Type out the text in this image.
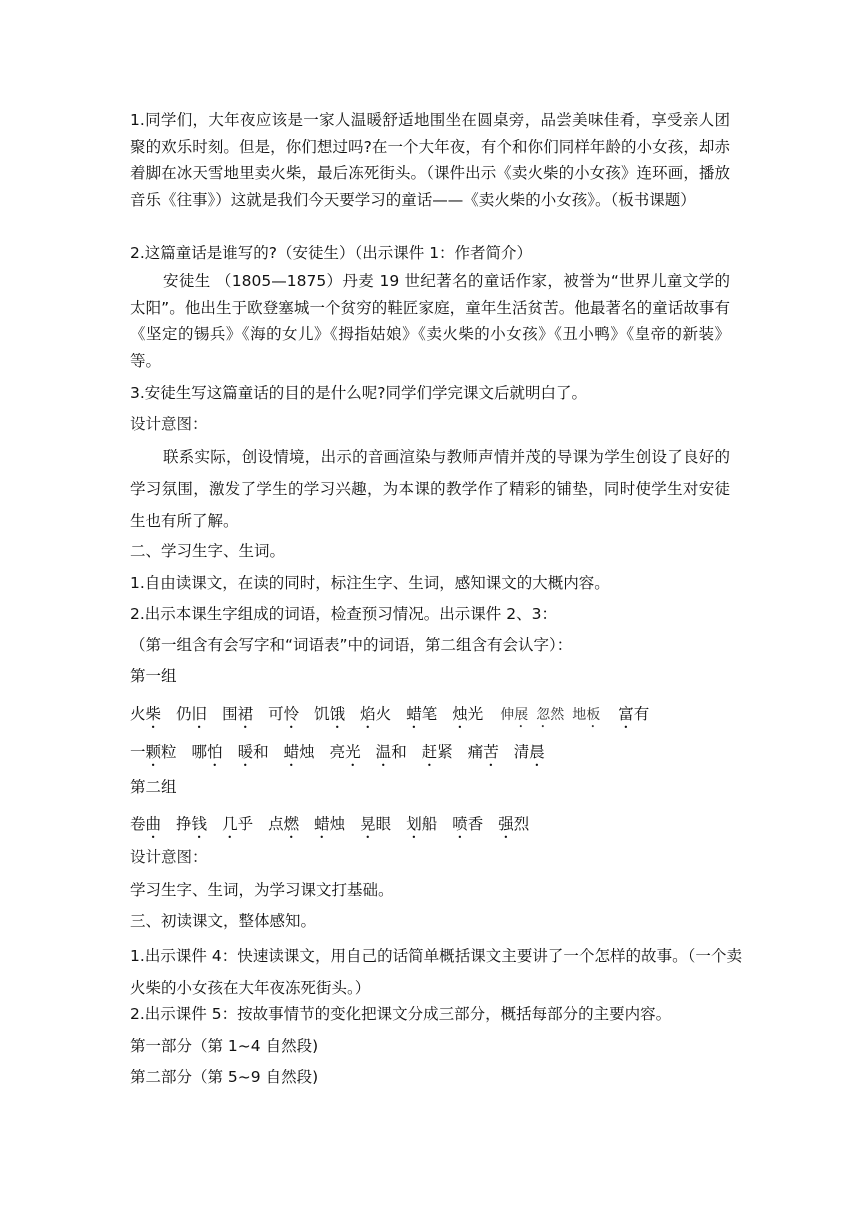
1.同学们，大年夜应该是一家人温暖舒适地围坐在圆桌旁，品尝美味佳肴，享受亲人团聚的欢乐时刻。但是，你们想过吗?在一个大年夜，有个和你们同样年龄的小女孩，却赤着脚在冰天雪地里卖火柴，最后冻死街头。（课件出示《卖火柴的小女孩》连环画，播放音乐《往事》）这就是我们今天要学习的童话——《卖火柴的小女孩》。（板书课题）

2.这篇童话是谁写的?（安徒生）（出示课件 1：作者简介）

安徒生 （1805—1875）丹麦 19 世纪著名的童话作家，被誉为“世界儿童文学的太阳”。他出生于欧登塞城一个贫穷的鞋匠家庭，童年生活贫苦。他最著名的童话故事有《坚定的锡兵》《海的女儿》《拇指姑娘》《卖火柴的小女孩》《丑小鸭》《皇帝的新装》等。

3.安徒生写这篇童话的目的是什么呢?同学们学完课文后就明白了。
设计意图：

联系实际，创设情境，出示的音画渲染与教师声情并茂的导课为学生创设了良好的学习氛围，激发了学生的学习兴趣，为本课的教学作了精彩的铺垫，同时使学生对安徒生也有所了解。

二、学习生字、生词。
1.自由读课文，在读的同时，标注生字、生词，感知课文的大概内容。
2.出示本课生字组成的词语，检查预习情况。出示课件 2、3：
（第一组含有会写字和“词语表”中的词语，第二组含有会认字）：
第一组
火柴 仍旧 围裙 可怜 饥饿 焰火 蜡笔 烛光 伸展 忽然 地板 富有
一颗粒 哪怕 暖和 蜡烛 亮光 温和 赶紧 痛苦 清晨
第二组
卷曲 挣钱 几乎 点燃 蜡烛 晃眼 划船 喷香 强烈
设计意图：
学习生字、生词，为学习课文打基础。
三、初读课文，整体感知。

1.出示课件 4：快速读课文，用自己的话简单概括课文主要讲了一个怎样的故事。（一个卖火柴的小女孩在大年夜冻死街头。）

2.出示课件 5：按故事情节的变化把课文分成三部分，概括每部分的主要内容。
第一部分（第 1~4 自然段)
第二部分（第 5~9 自然段)
